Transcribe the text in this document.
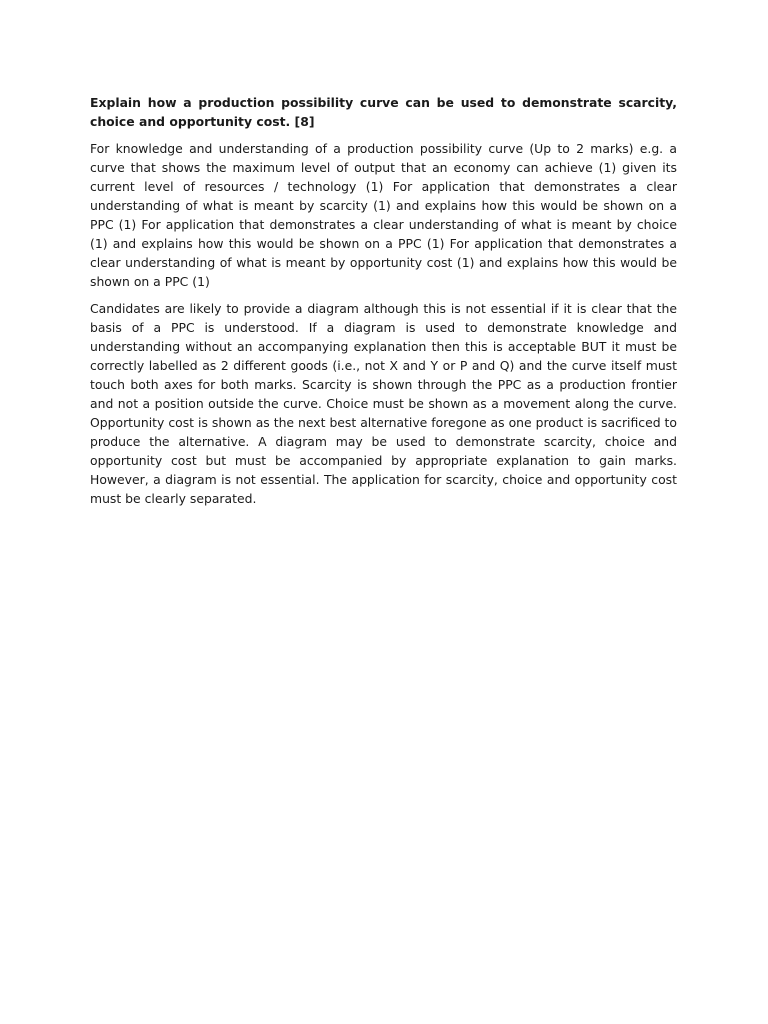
Explain how a production possibility curve can be used to demonstrate scarcity, choice and opportunity cost. [8]

For knowledge and understanding of a production possibility curve (Up to 2 marks) e.g. a curve that shows the maximum level of output that an economy can achieve (1) given its current level of resources / technology (1) For application that demonstrates a clear understanding of what is meant by scarcity (1) and explains how this would be shown on a PPC (1) For application that demonstrates a clear understanding of what is meant by choice (1) and explains how this would be shown on a PPC (1) For application that demonstrates a clear understanding of what is meant by opportunity cost (1) and explains how this would be shown on a PPC (1)

Candidates are likely to provide a diagram although this is not essential if it is clear that the basis of a PPC is understood. If a diagram is used to demonstrate knowledge and understanding without an accompanying explanation then this is acceptable BUT it must be correctly labelled as 2 different goods (i.e., not X and Y or P and Q) and the curve itself must touch both axes for both marks. Scarcity is shown through the PPC as a production frontier and not a position outside the curve. Choice must be shown as a movement along the curve. Opportunity cost is shown as the next best alternative foregone as one product is sacrificed to produce the alternative. A diagram may be used to demonstrate scarcity, choice and opportunity cost but must be accompanied by appropriate explanation to gain marks. However, a diagram is not essential. The application for scarcity, choice and opportunity cost must be clearly separated.
